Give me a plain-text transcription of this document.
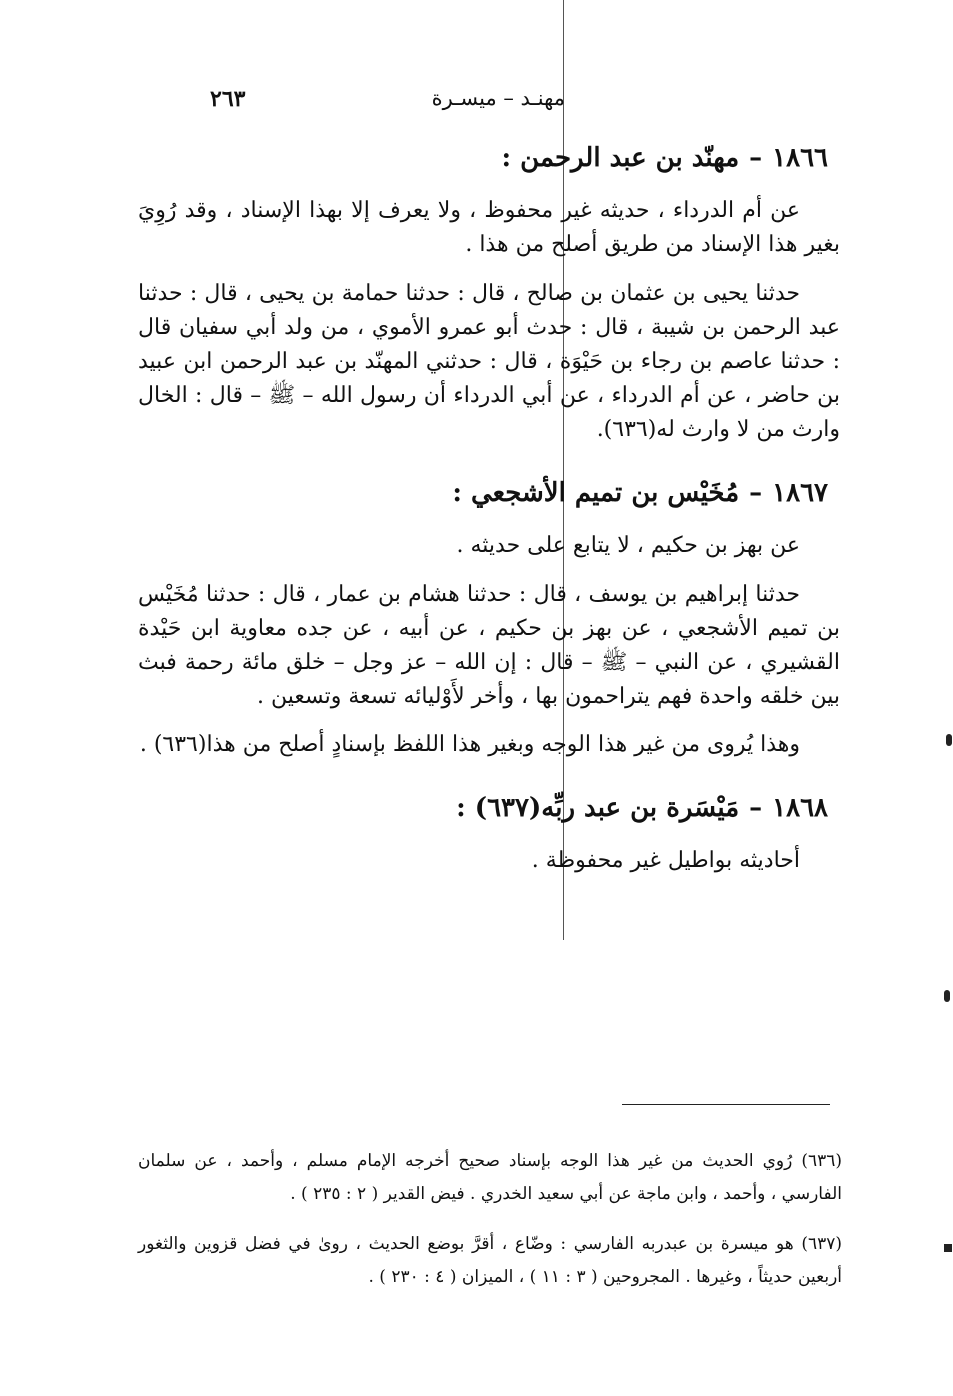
مهنـد – ميسـرة
٢٦٣
١٨٦٦–مهنّد بن عبد الرحمن :

عن أم الدرداء ، حديثه غير محفوظ ، ولا يعرف إلا بهذا الإسناد ، وقد رُوِيَ بغير هذا الإسناد من طريق أصلح من هذا .

حدثنا يحيى بن عثمان بن صالح ، قال : حدثنا حمامة بن يحيى ، قال : حدثنا عبد الرحمن بن شيبة ، قال : حدث أبو عمرو الأموي ، من ولد أبي سفيان قال : حدثنا عاصم بن رجاء بن حَيْوَة ، قال : حدثني المهنّد بن عبد الرحمن ابن عبيد بن حاضر ، عن أم الدرداء ، عن أبي الدرداء أن رسول الله – ﷺ – قال : الخال وارث من لا وارث له(٦٣٦).

١٨٦٧–مُخَيْس بن تميم الأشجعي :

عن بهز بن حكيم ، لا يتابع على حديثه .

حدثنا إبراهيم بن يوسف ، قال : حدثنا هشام بن عمار ، قال : حدثنا مُخَيْس بن تميم الأشجعي ، عن بهز بن حكيم ، عن أبيه ، عن جده معاوية ابن حَيْدة القشيري ، عن النبي – ﷺ – قال : إن الله – عز وجل – خلق مائة رحمة فبث بين خلقه واحدة فهم يتراحمون بها ، وأخر لأَوْليائه تسعة وتسعين .

وهذا يُروى من غير هذا الوجه وبغير هذا اللفظ بإسنادٍ أصلح من هذا(٦٣٦) .

١٨٦٨–مَيْسَرة بن عبد ربِّه(٦٣٧) :

أحاديثه بواطيل غير محفوظة .

(٦٣٦) رُوي الحديث من غير هذا الوجه بإسناد صحيح أخرجه الإمام مسلم ، وأحمد ، عن سلمان الفارسي ، وأحمد ، وابن ماجة عن أبي سعيد الخدري . فيض القدير ( ٢ : ٢٣٥ ) .

(٦٣٧) هو ميسرة بن عبدربه الفارسي : وضّاع ، أقرَّ بوضع الحديث ، روىٰ في فضل قزوين والثغور أربعين حديثاً ، وغيرها . المجروحين ( ٣ : ١١ ) ، الميزان ( ٤ : ٢٣٠ ) .
